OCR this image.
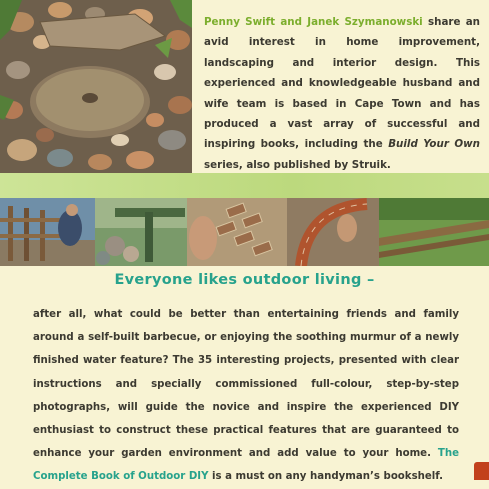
Penny Swift and Janek Szymanowski share an avid interest in home improvement, landscaping and interior design. This experienced and knowledgeable husband and wife team is based in Cape Town and has produced a vast array of successful and inspiring books, including the Build Your Own series, also published by Struik.

Everyone likes outdoor living –

after all, what could be better than entertaining friends and family around a self-built barbecue, or enjoying the soothing murmur of a newly finished water feature? The 35 interesting projects, presented with clear instructions and specially commissioned full-colour, step-by-step photographs, will guide the novice and inspire the experienced DIY enthusiast to construct these practical features that are guaranteed to enhance your garden environment and add value to your home. The Complete Book of Outdoor DIY is a must on any handyman’s bookshelf.
